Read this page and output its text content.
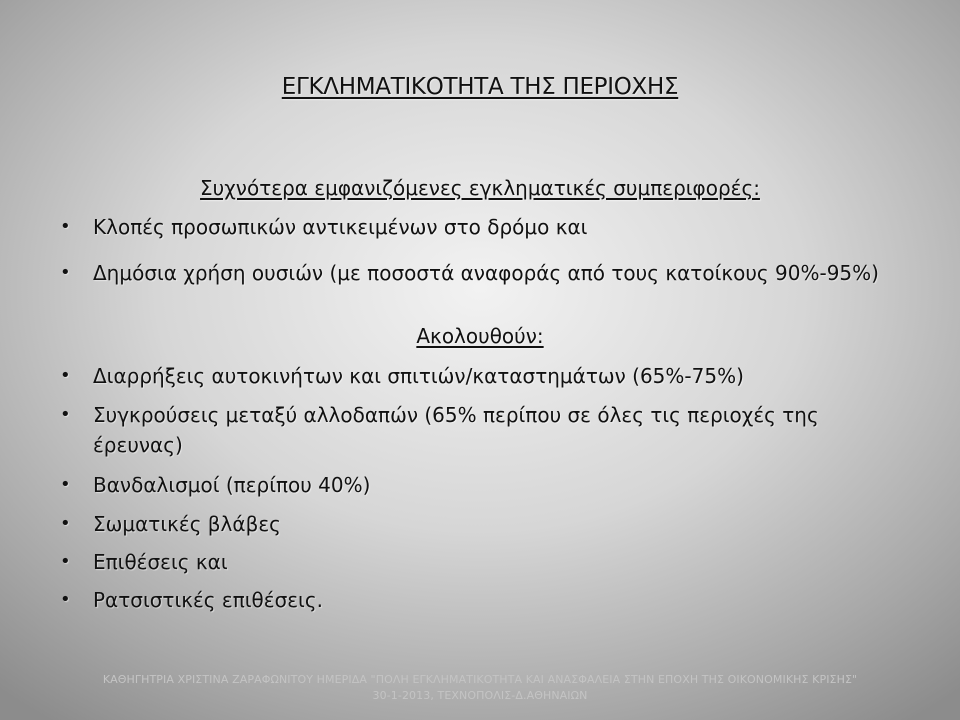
ΕΓΚΛΗΜΑΤΙΚΟΤΗΤΑ ΤΗΣ ΠΕΡΙΟΧΗΣ
Συχνότερα εμφανιζόμενες εγκληματικές συμπεριφορές:
•	Κλοπές προσωπικών αντικειμένων στο δρόμο και
•	Δημόσια χρήση ουσιών (με ποσοστά αναφοράς από τους κατοίκους 90%-95%)
Ακολουθούν:
•	Διαρρήξεις αυτοκινήτων και σπιτιών/καταστημάτων (65%-75%)
•	Συγκρούσεις μεταξύ αλλοδαπών (65% περίπου σε όλες τις περιοχές της έρευνας)
•	Βανδαλισμοί (περίπου 40%)
•	Σωματικές βλάβες
•	Επιθέσεις και
•	Ρατσιστικές επιθέσεις.
ΚΑΘΗΓΗΤΡΙΑ ΧΡΙΣΤΙΝΑ ΖΑΡΑΦΩΝΙΤΟΥ ΗΜΕΡΙΔΑ "ΠΟΛΗ ΕΓΚΛΗΜΑΤΙΚΟΤΗΤΑ ΚΑΙ ΑΝΑΣΦΑΛΕΙΑ ΣΤΗΝ ΕΠΟΧΗ ΤΗΣ ΟΙΚΟΝΟΜΙΚΗΣ ΚΡΙΣΗΣ" 30-1-2013, ΤΕΧΝΟΠΟΛΙΣ-Δ.ΑΘΗΝΑΙΩΝ
